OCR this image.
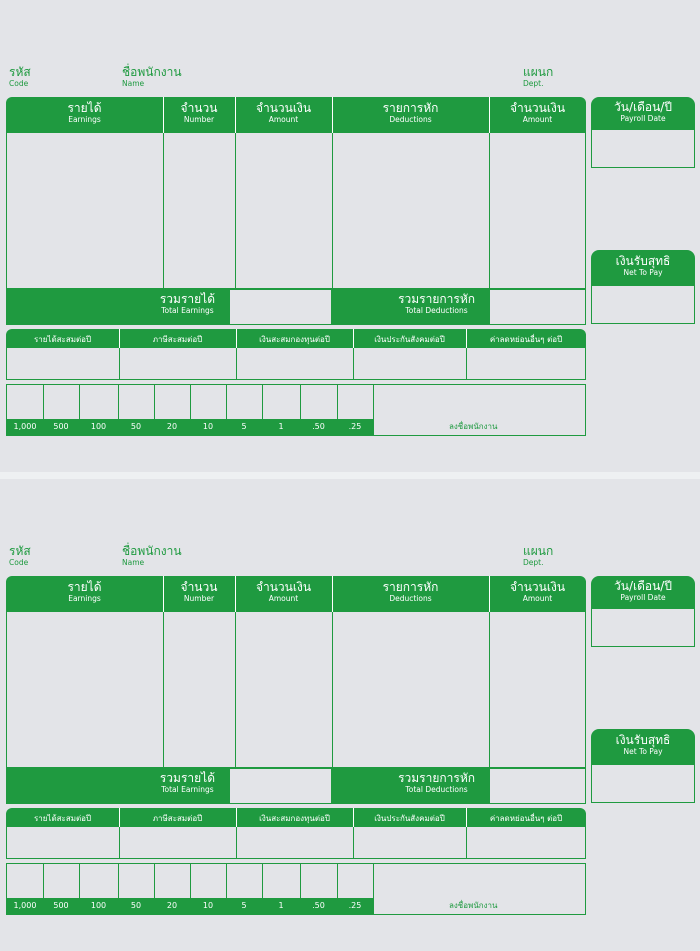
รหัส
Code
ชื่อพนักงาน
Name
แผนก
Dept.
รายได้
Earnings
จำนวน
Number
จำนวนเงิน
Amount
รายการหัก
Deductions
จำนวนเงิน
Amount
รวมรายได้
Total Earnings
รวมรายการหัก
Total Deductions
วัน/เดือน/ปี
Payroll Date
เงินรับสุทธิ
Net To Pay
รายได้สะสมต่อปี	ภาษีสะสมต่อปี	เงินสะสมกองทุนต่อปี	เงินประกันสังคมต่อปี	ค่าลดหย่อนอื่นๆ ต่อปี
1,000	500	100	50	20	10	5	1	.50	.25	ลงชื่อพนักงาน
รหัส
Code
ชื่อพนักงาน
Name
แผนก
Dept.
รายได้
Earnings
จำนวน
Number
จำนวนเงิน
Amount
รายการหัก
Deductions
จำนวนเงิน
Amount
รวมรายได้
Total Earnings
รวมรายการหัก
Total Deductions
วัน/เดือน/ปี
Payroll Date
เงินรับสุทธิ
Net To Pay
รายได้สะสมต่อปี	ภาษีสะสมต่อปี	เงินสะสมกองทุนต่อปี	เงินประกันสังคมต่อปี	ค่าลดหย่อนอื่นๆ ต่อปี
1,000	500	100	50	20	10	5	1	.50	.25	ลงชื่อพนักงาน
